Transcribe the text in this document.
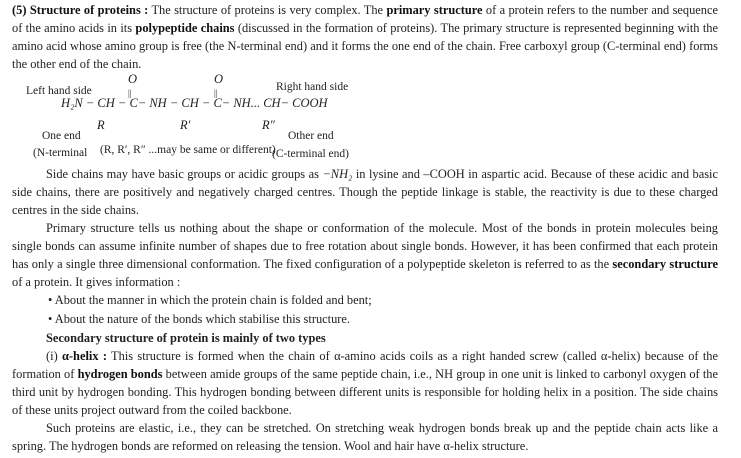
(5) Structure of proteins : The structure of proteins is very complex. The primary structure of a protein refers to the number and sequence of the amino acids in its polypeptide chains (discussed in the formation of proteins). The primary structure is represented beginning with the amino acid whose amino group is free (the N-terminal end) and it forms the one end of the chain. Free carboxyl group (C-terminal end) forms the other end of the chain.

O	O
Left hand side	Right hand side
||	||
H₂N − CH − C− NH − CH − C− NH... CH− COOH
R	R′	R″
One end	Other end
(N-terminal (R, R′, R″ ...may be same or different)
(C-terminal end)

Side chains may have basic groups or acidic groups as −NH₂ in lysine and –COOH in aspartic acid. Because of these acidic and basic side chains, there are positively and negatively charged centres. Though the peptide linkage is stable, the reactivity is due to these charged centres in the side chains.

Primary structure tells us nothing about the shape or conformation of the molecule. Most of the bonds in protein molecules being single bonds can assume infinite number of shapes due to free rotation about single bonds. However, it has been confirmed that each protein has only a single three dimensional conformation. The fixed configuration of a polypeptide skeleton is referred to as the secondary structure of a protein. It gives information :

• About the manner in which the protein chain is folded and bent;
• About the nature of the bonds which stabilise this structure.
Secondary structure of protein is mainly of two types

(i) α-helix : This structure is formed when the chain of α-amino acids coils as a right handed screw (called α-helix) because of the formation of hydrogen bonds between amide groups of the same peptide chain, i.e., NH group in one unit is linked to carbonyl oxygen of the third unit by hydrogen bonding. This hydrogen bonding between different units is responsible for holding helix in a position. The side chains of these units project outward from the coiled backbone.

Such proteins are elastic, i.e., they can be stretched. On stretching weak hydrogen bonds break up and the peptide chain acts like a spring. The hydrogen bonds are reformed on releasing the tension. Wool and hair have α-helix structure.
